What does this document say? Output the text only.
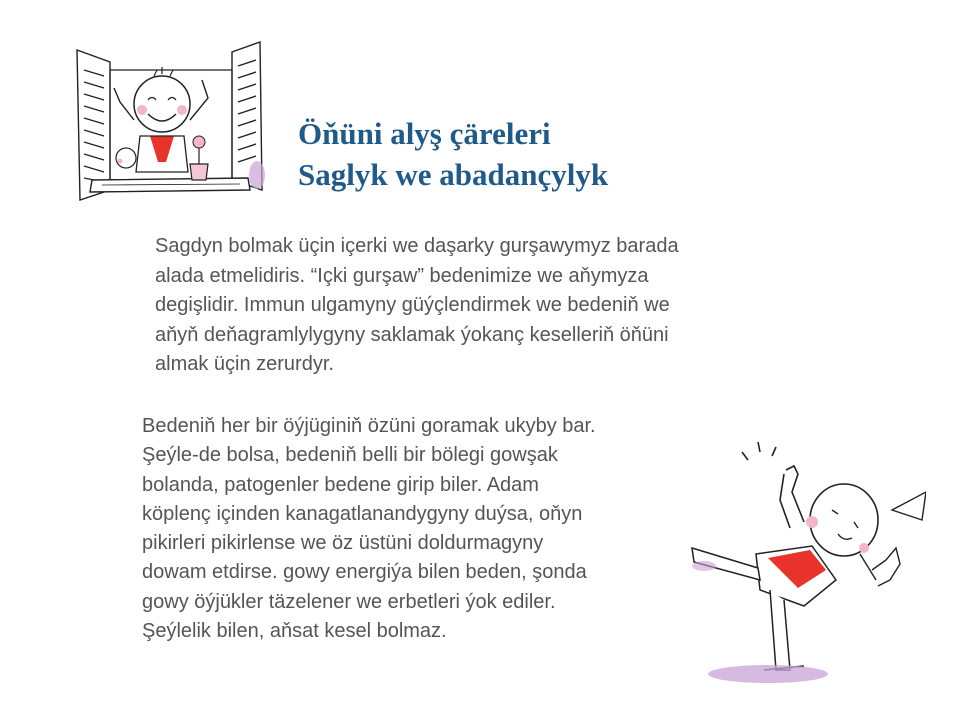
Öňüni alyş çäreleri
Saglyk we abadançylyk
Sagdyn bolmak üçin içerki we daşarky gurşawymyz barada
alada etmelidiris. “Içki gurşaw” bedenimize we aňymyza
degişlidir. Immun ulgamyny güýçlendirmek we bedeniň we
aňyň deňagramlylygyny saklamak ýokanç keselleriň öňüni
almak üçin zerurdyr.
Bedeniň her bir öýjüginiň özüni goramak ukyby bar.
Şeýle-de bolsa, bedeniň belli bir bölegi gowşak
bolanda, patogenler bedene girip biler. Adam
köplenç içinden kanagatlanandygyny duýsa, oňyn
pikirleri pikirlense we öz üstüni doldurmagyny
dowam etdirse. gowy energiýa bilen beden, şonda
gowy öýjükler täzelener we erbetleri ýok ediler.
Şeýlelik bilen, aňsat kesel bolmaz.
